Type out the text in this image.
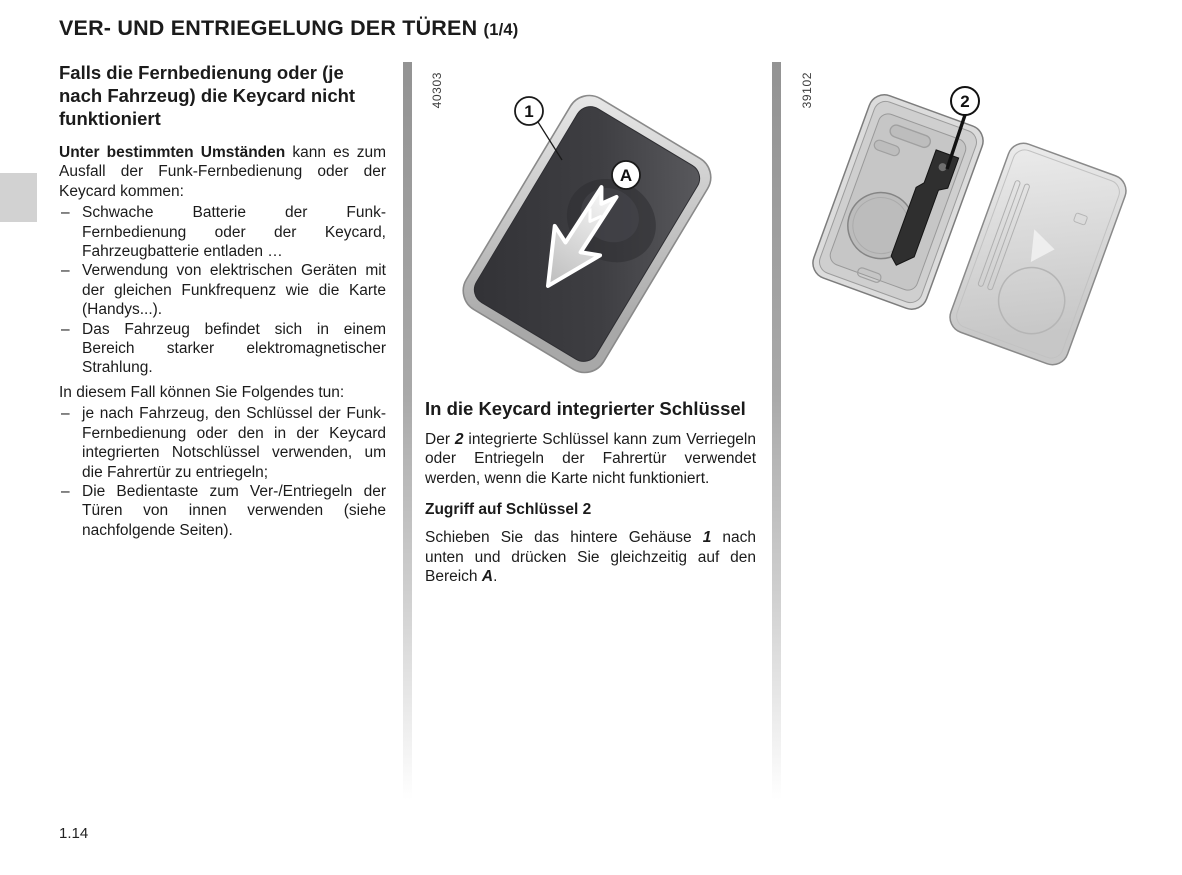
VER- UND ENTRIEGELUNG DER TÜREN (1/4)
Falls die Fernbedienung oder (je nach Fahrzeug) die Keycard nicht funktioniert

Unter bestimmten Umständen kann es zum Ausfall der Funk-Fernbedienung oder der Keycard kommen:

– Schwache Batterie der Funk-Fernbedienung oder der Keycard, Fahrzeugbatterie entladen …
– Verwendung von elektrischen Geräten mit der gleichen Funkfrequenz wie die Karte (Handys...).
– Das Fahrzeug befindet sich in einem Bereich starker elektromagnetischer Strahlung.

In diesem Fall können Sie Folgendes tun:

– je nach Fahrzeug, den Schlüssel der Funk-Fernbedienung oder den in der Keycard integrierten Notschlüssel verwenden, um die Fahrertür zu entriegeln;
– Die Bedientaste zum Ver-/Entriegeln der Türen von innen verwenden (siehe nachfolgende Seiten).
40303
1
A
In die Keycard integrierter Schlüssel

Der 2 integrierte Schlüssel kann zum Verriegeln oder Entriegeln der Fahrertür verwendet werden, wenn die Karte nicht funktioniert.

Zugriff auf Schlüssel 2

Schieben Sie das hintere Gehäuse 1 nach unten und drücken Sie gleichzeitig auf den Bereich A.

39102	2
1.14
